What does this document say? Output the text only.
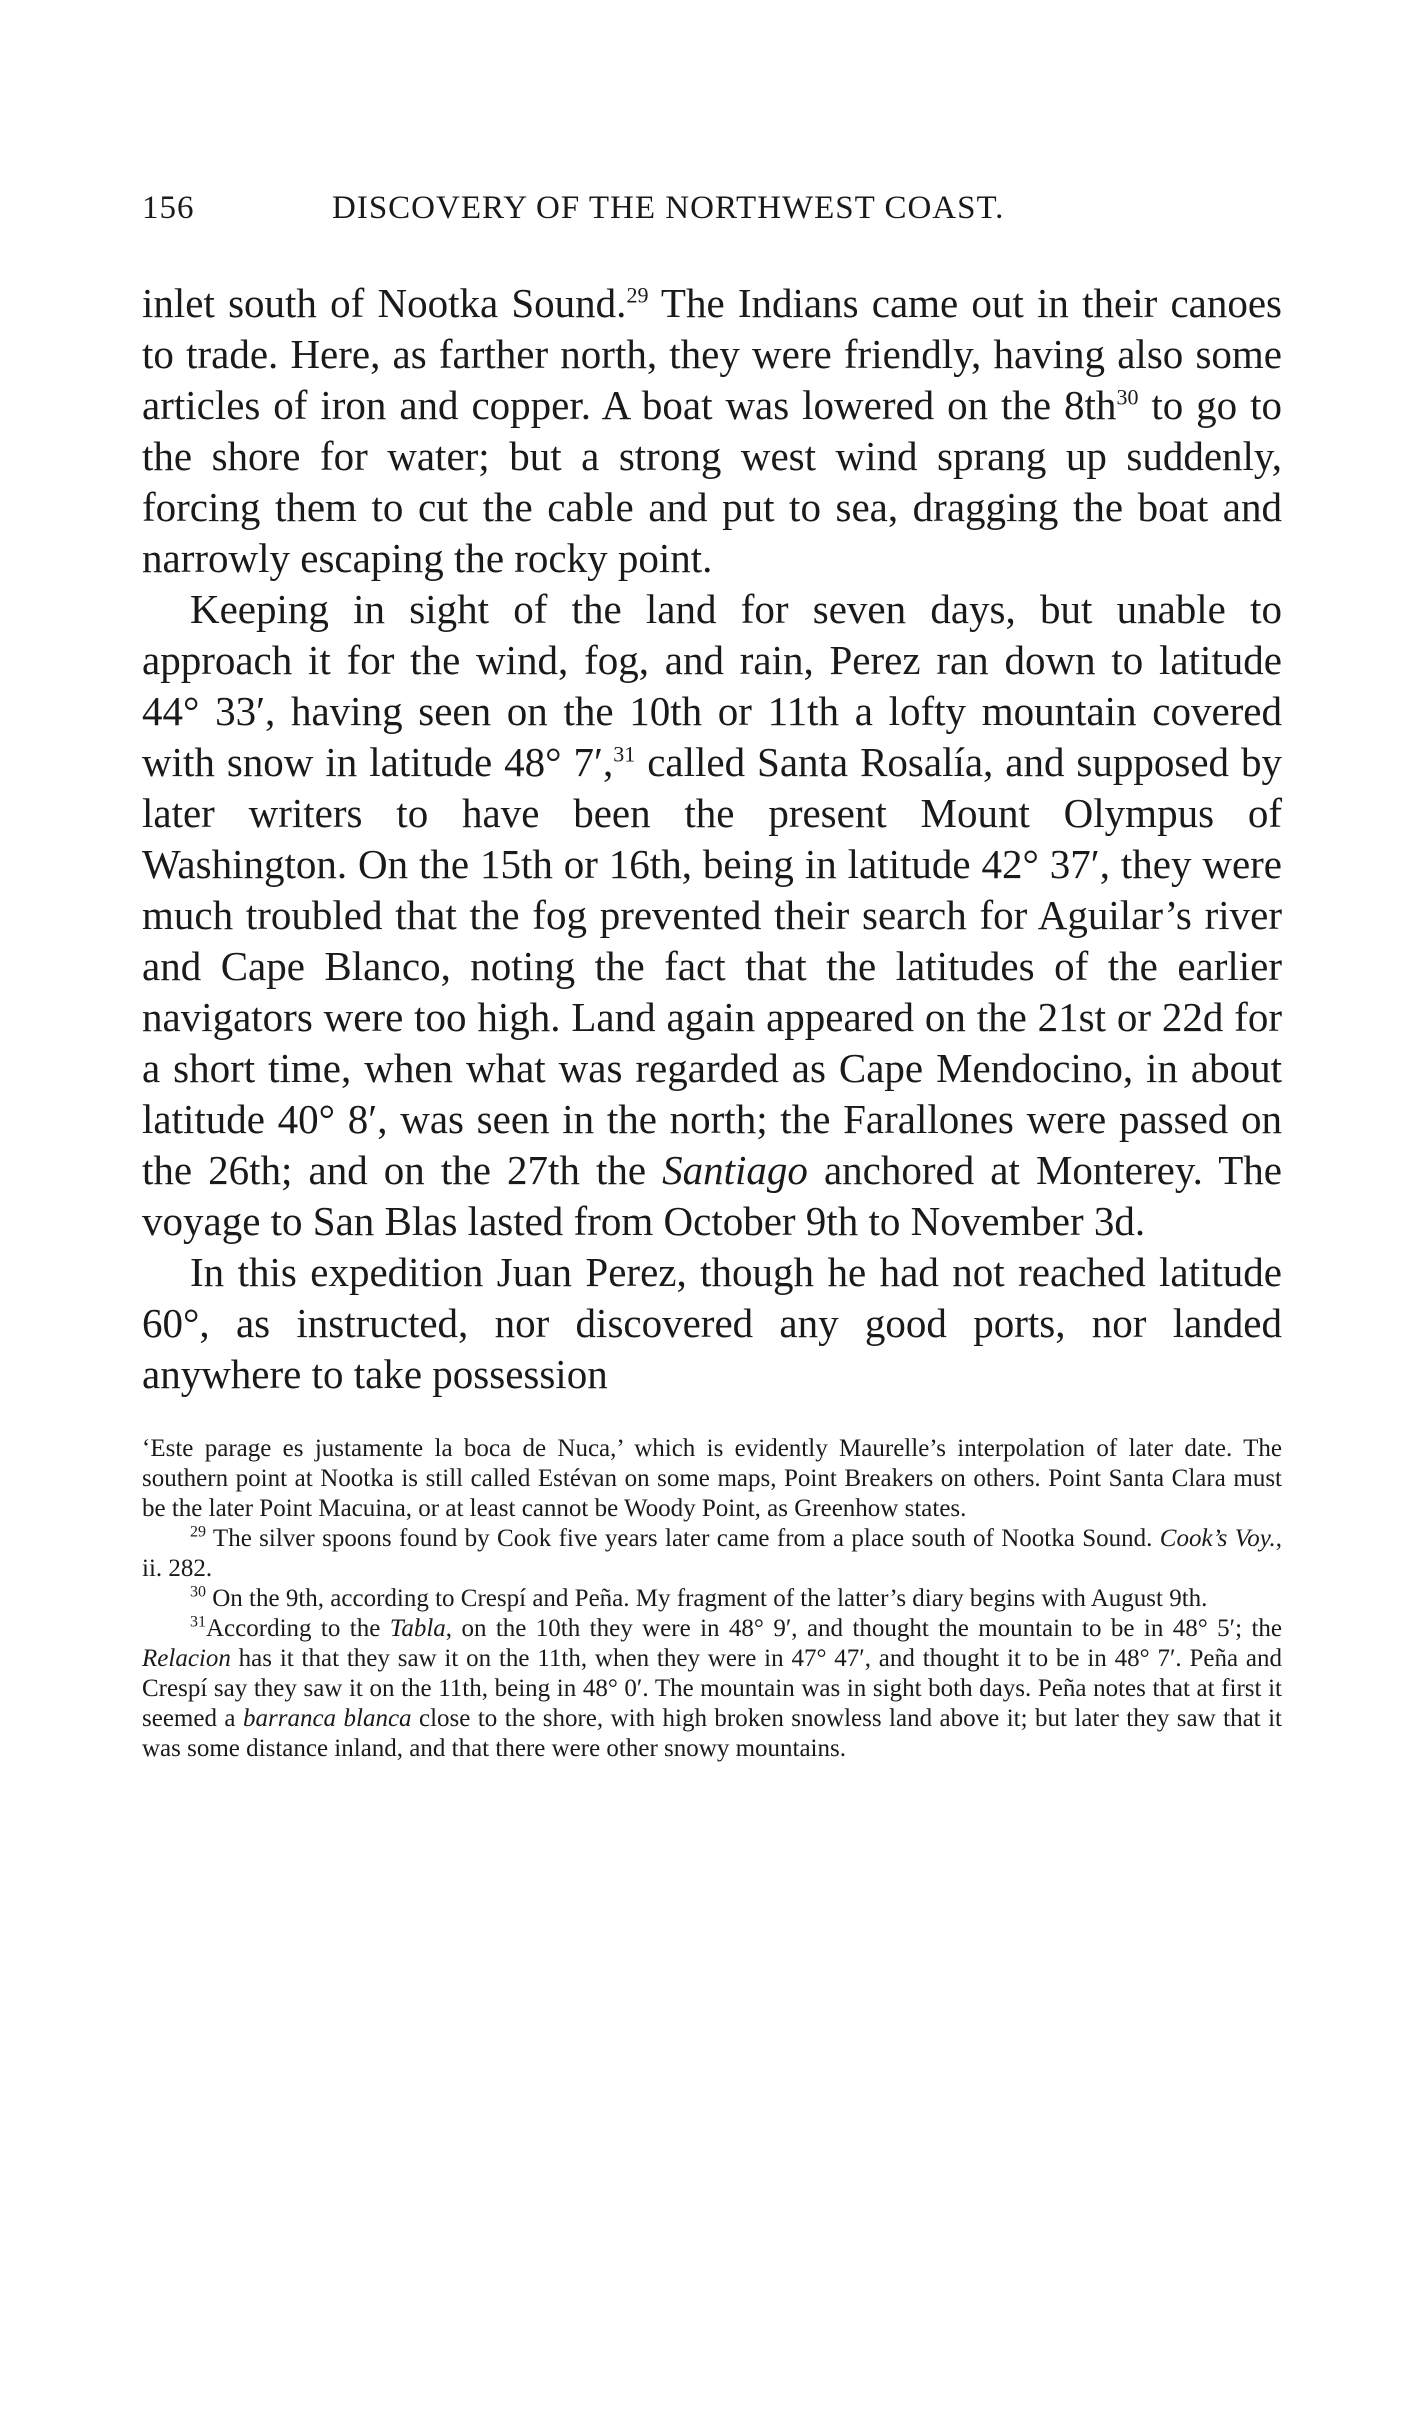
156	DISCOVERY OF THE NORTHWEST COAST.

inlet south of Nootka Sound.$^{29}$ The Indians came out in their canoes to trade. Here, as farther north, they were friendly, having also some articles of iron and copper. A boat was lowered on the $8th^{30}$ to go to the shore for water; but a strong west wind sprang up suddenly, forcing them to cut the cable and put to sea, dragging the boat and narrowly escaping the rocky point.

Keeping in sight of the land for seven days, but unable to approach it for the wind, fog, and rain, Perez ran down to latitude 44° 33′, having seen on the 10th or 11th a lofty mountain covered with snow in latitude 48° 7′,$^{31}$ called Santa Rosalía, and supposed by later writers to have been the present Mount Olympus of Washington. On the 15th or 16th, being in latitude 42° 37′, they were much troubled that the fog prevented their search for Aguilar’s river and Cape Blanco, noting the fact that the latitudes of the earlier navigators were too high. Land again appeared on the 21st or 22d for a short time, when what was regarded as Cape Mendocino, in about latitude 40° 8′, was seen in the north; the Farallones were passed on the 26th; and on the 27th the Santiago anchored at Monterey. The voyage to San Blas lasted from October 9th to November 3d.

In this expedition Juan Perez, though he had not reached latitude 60°, as instructed, nor discovered any good ports, nor landed anywhere to take possession

‘Este parage es justamente la boca de Nuca,’ which is evidently Maurelle’s interpolation of later date. The southern point at Nootka is still called Estévan on some maps, Point Breakers on others. Point Santa Clara must be the later Point Macuina, or at least cannot be Woody Point, as Greenhow states.

$^{29}$ The silver spoons found by Cook five years later came from a place south of Nootka Sound. Cook’s Voy., ii. 282.

$^{30}$ On the 9th, according to Crespí and Peña. My fragment of the latter’s diary begins with August 9th.

$^{31}$According to the Tabla, on the 10th they were in 48° 9′, and thought the mountain to be in 48° 5′; the Relacion has it that they saw it on the 11th, when they were in 47° 47′, and thought it to be in 48° 7′. Peña and Crespí say they saw it on the 11th, being in 48° 0′. The mountain was in sight both days. Peña notes that at first it seemed a barranca blanca close to the shore, with high broken snowless land above it; but later they saw that it was some distance inland, and that there were other snowy mountains.
